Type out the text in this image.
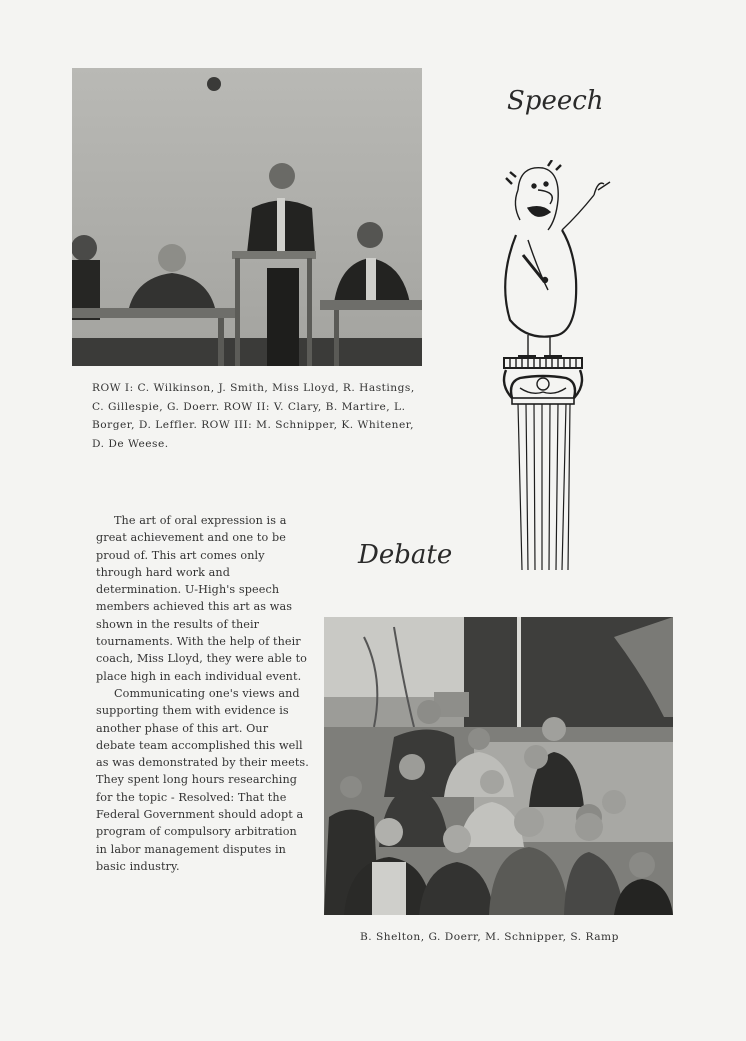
ROW I: C. Wilkinson, J. Smith, Miss Lloyd, R. Hastings, C. Gillespie, G. Doerr. ROW II: V. Clary, B. Martire, L. Borger, D. Leffler. ROW III: M. Schnipper, K. Whitener, D. De Weese.
Speech
Debate

The art of oral expression is a great achievement and one to be proud of. This art comes only through hard work and determination. U-High's speech members achieved this art as was shown in the results of their tournaments. With the help of their coach, Miss Lloyd, they were able to place high in each individual event.

Communicating one's views and supporting them with evidence is another phase of this art. Our debate team accomplished this well as was demonstrated by their meets. They spent long hours researching for the topic - Resolved: That the Federal Government should adopt a program of compulsory arbitration in labor management disputes in basic industry.

B. Shelton, G. Doerr, M. Schnipper, S. Ramp
